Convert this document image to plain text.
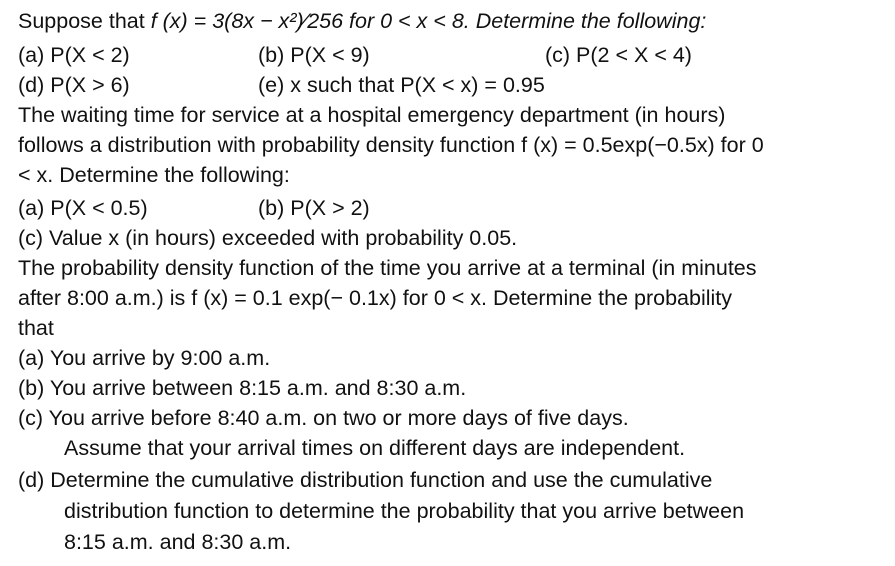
Suppose that f (x) = 3(8x − x²)⁄256 for 0 < x < 8. Determine the following:
(a) P(X < 2)	(b) P(X < 9)	(c) P(2 < X < 4)
(d) P(X > 6)	(e) x such that P(X < x) = 0.95
The waiting time for service at a hospital emergency department (in hours)
follows a distribution with probability density function f (x) = 0.5exp(−0.5x) for 0
< x. Determine the following:
(a) P(X < 0.5)	(b) P(X > 2)
(c) Value x (in hours) exceeded with probability 0.05.
The probability density function of the time you arrive at a terminal (in minutes
after 8:00 a.m.) is f (x) = 0.1 exp(− 0.1x) for 0 < x. Determine the probability
that
(a) You arrive by 9:00 a.m.
(b) You arrive between 8:15 a.m. and 8:30 a.m.
(c) You arrive before 8:40 a.m. on two or more days of five days.
Assume that your arrival times on different days are independent.
(d) Determine the cumulative distribution function and use the cumulative
distribution function to determine the probability that you arrive between
8:15 a.m. and 8:30 a.m.
